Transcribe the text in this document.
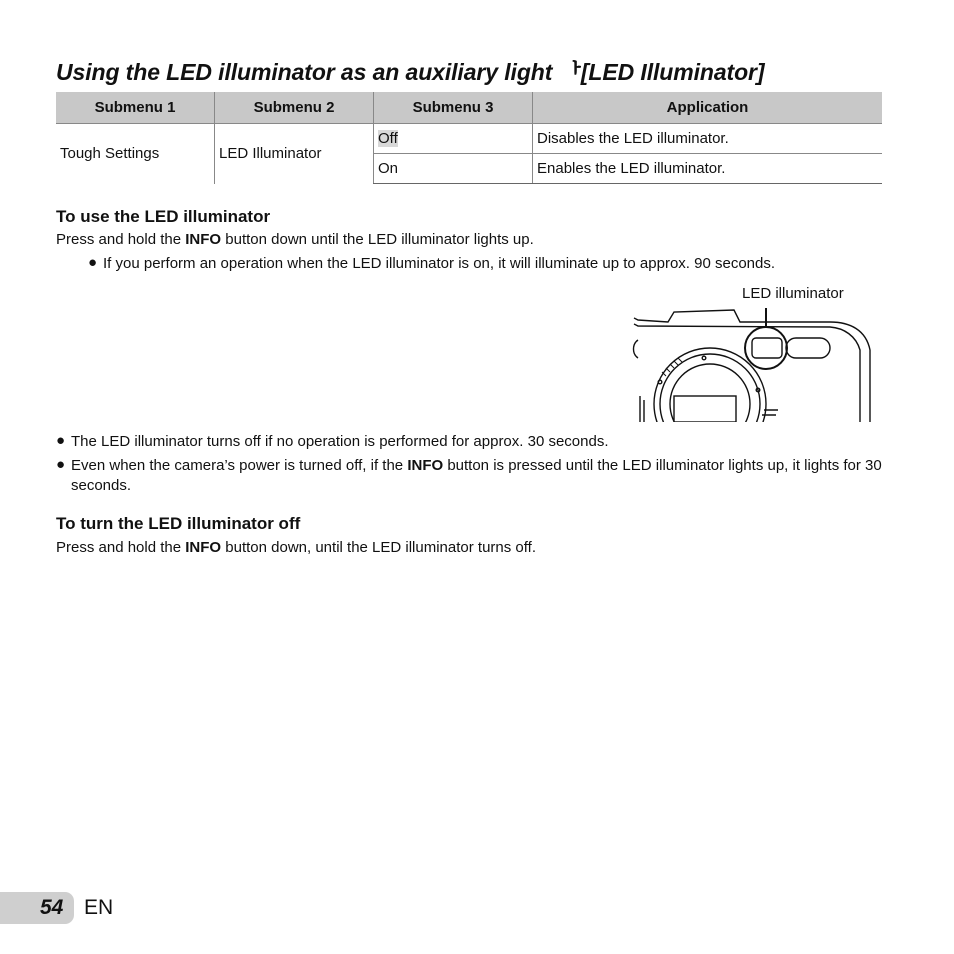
Using the LED illuminator as an auxiliary light ᅡ [LED Illuminator]
Submenu 1	Submenu 2	Submenu 3	Application
Tough Settings	LED Illuminator	Off	Disables the LED illuminator.
		On	Enables the LED illuminator.
To use the LED illuminator

Press and hold the INFO button down until the LED illuminator lights up.

● If you perform an operation when the LED illuminator is on, it will illuminate up to approx. 90 seconds.
LED illuminator
● The LED illuminator turns off if no operation is performed for approx. 30 seconds.
● Even when the camera’s power is turned off, if the INFO button is pressed until the LED illuminator lights up, it lights for 30 seconds.
To turn the LED illuminator off

Press and hold the INFO button down, until the LED illuminator turns off.

54 EN
